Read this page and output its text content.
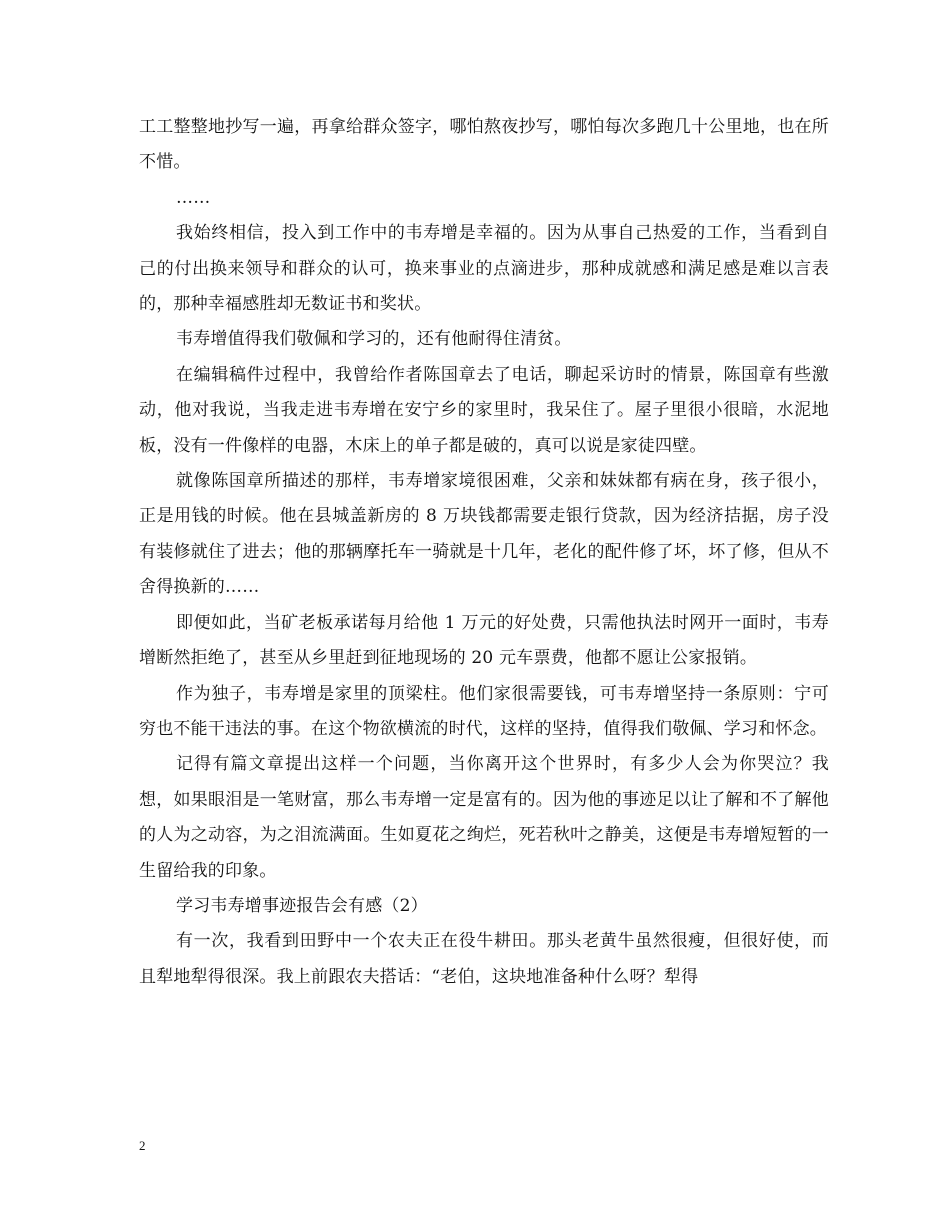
工工整整地抄写一遍，再拿给群众签字，哪怕熬夜抄写，哪怕每次多跑几十公里地，也在所不惜。

……

我始终相信，投入到工作中的韦寿增是幸福的。因为从事自己热爱的工作，当看到自己的付出换来领导和群众的认可，换来事业的点滴进步，那种成就感和满足感是难以言表的，那种幸福感胜却无数证书和奖状。

韦寿增值得我们敬佩和学习的，还有他耐得住清贫。

在编辑稿件过程中，我曾给作者陈国章去了电话，聊起采访时的情景，陈国章有些激动，他对我说，当我走进韦寿增在安宁乡的家里时，我呆住了。屋子里很小很暗，水泥地板，没有一件像样的电器，木床上的单子都是破的，真可以说是家徒四壁。

就像陈国章所描述的那样，韦寿增家境很困难，父亲和妹妹都有病在身，孩子很小，正是用钱的时候。他在县城盖新房的 8 万块钱都需要走银行贷款，因为经济拮据，房子没有装修就住了进去；他的那辆摩托车一骑就是十几年，老化的配件修了坏，坏了修，但从不舍得换新的……

即便如此，当矿老板承诺每月给他 1 万元的好处费，只需他执法时网开一面时，韦寿增断然拒绝了，甚至从乡里赶到征地现场的 20 元车票费，他都不愿让公家报销。

作为独子，韦寿增是家里的顶梁柱。他们家很需要钱，可韦寿增坚持一条原则：宁可穷也不能干违法的事。在这个物欲横流的时代，这样的坚持，值得我们敬佩、学习和怀念。

记得有篇文章提出这样一个问题，当你离开这个世界时，有多少人会为你哭泣？我想，如果眼泪是一笔财富，那么韦寿增一定是富有的。因为他的事迹足以让了解和不了解他的人为之动容，为之泪流满面。生如夏花之绚烂，死若秋叶之静美，这便是韦寿增短暂的一生留给我的印象。

学习韦寿增事迹报告会有感（2）

有一次，我看到田野中一个农夫正在役牛耕田。那头老黄牛虽然很瘦，但很好使，而且犁地犁得很深。我上前跟农夫搭话：“老伯，这块地准备种什么呀？犁得

2
